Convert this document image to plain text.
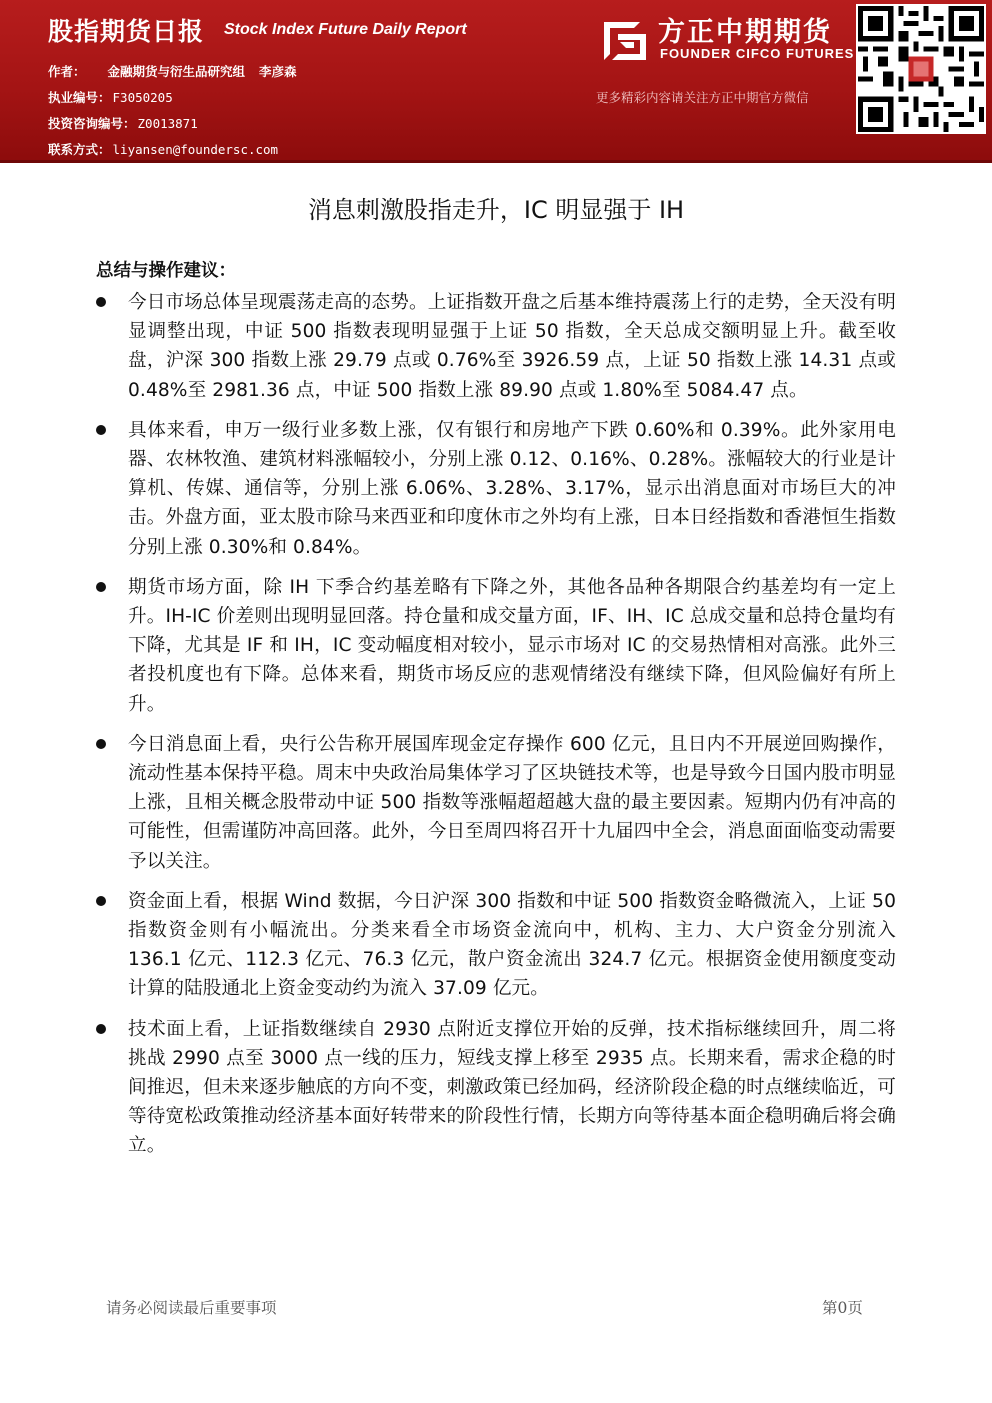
股指期货日报 Stock Index Future Daily Report
作者： 金融期货与衍生品研究组 李彦森
执业编号： F3050205
投资咨询编号： Z0013871
联系方式： liyansen@foundersc.com
方正中期期货
FOUNDER CIFCO FUTURES
更多精彩内容请关注方正中期官方微信
消息刺激股指走升，IC 明显强于 IH
总结与操作建议：
今日市场总体呈现震荡走高的态势。上证指数开盘之后基本维持震荡上行的走势，全天没有明显调整出现，中证 500 指数表现明显强于上证 50 指数，全天总成交额明显上升。截至收盘，沪深 300 指数上涨 29.79 点或 0.76%至 3926.59 点，上证 50 指数上涨 14.31 点或 0.48%至 2981.36 点，中证 500 指数上涨 89.90 点或 1.80%至 5084.47 点。
具体来看，申万一级行业多数上涨，仅有银行和房地产下跌 0.60%和 0.39%。此外家用电器、农林牧渔、建筑材料涨幅较小，分别上涨 0.12、0.16%、0.28%。涨幅较大的行业是计算机、传媒、通信等，分别上涨 6.06%、3.28%、3.17%，显示出消息面对市场巨大的冲击。外盘方面，亚太股市除马来西亚和印度休市之外均有上涨，日本日经指数和香港恒生指数分别上涨 0.30%和 0.84%。
期货市场方面，除 IH 下季合约基差略有下降之外，其他各品种各期限合约基差均有一定上升。IH-IC 价差则出现明显回落。持仓量和成交量方面，IF、IH、IC 总成交量和总持仓量均有下降，尤其是 IF 和 IH，IC 变动幅度相对较小，显示市场对 IC 的交易热情相对高涨。此外三者投机度也有下降。总体来看，期货市场反应的悲观情绪没有继续下降，但风险偏好有所上升。
今日消息面上看，央行公告称开展国库现金定存操作 600 亿元，且日内不开展逆回购操作，流动性基本保持平稳。周末中央政治局集体学习了区块链技术等，也是导致今日国内股市明显上涨，且相关概念股带动中证 500 指数等涨幅超超越大盘的最主要因素。短期内仍有冲高的可能性，但需谨防冲高回落。此外，今日至周四将召开十九届四中全会，消息面面临变动需要予以关注。
资金面上看，根据 Wind 数据，今日沪深 300 指数和中证 500 指数资金略微流入，上证 50 指数资金则有小幅流出。分类来看全市场资金流向中，机构、主力、大户资金分别流入 136.1 亿元、112.3 亿元、76.3 亿元，散户资金流出 324.7 亿元。根据资金使用额度变动计算的陆股通北上资金变动约为流入 37.09 亿元。
技术面上看，上证指数继续自 2930 点附近支撑位开始的反弹，技术指标继续回升，周二将挑战 2990 点至 3000 点一线的压力，短线支撑上移至 2935 点。长期来看，需求企稳的时间推迟，但未来逐步触底的方向不变，刺激政策已经加码，经济阶段企稳的时点继续临近，可等待宽松政策推动经济基本面好转带来的阶段性行情，长期方向等待基本面企稳明确后将会确立。
请务必阅读最后重要事项	第0页
